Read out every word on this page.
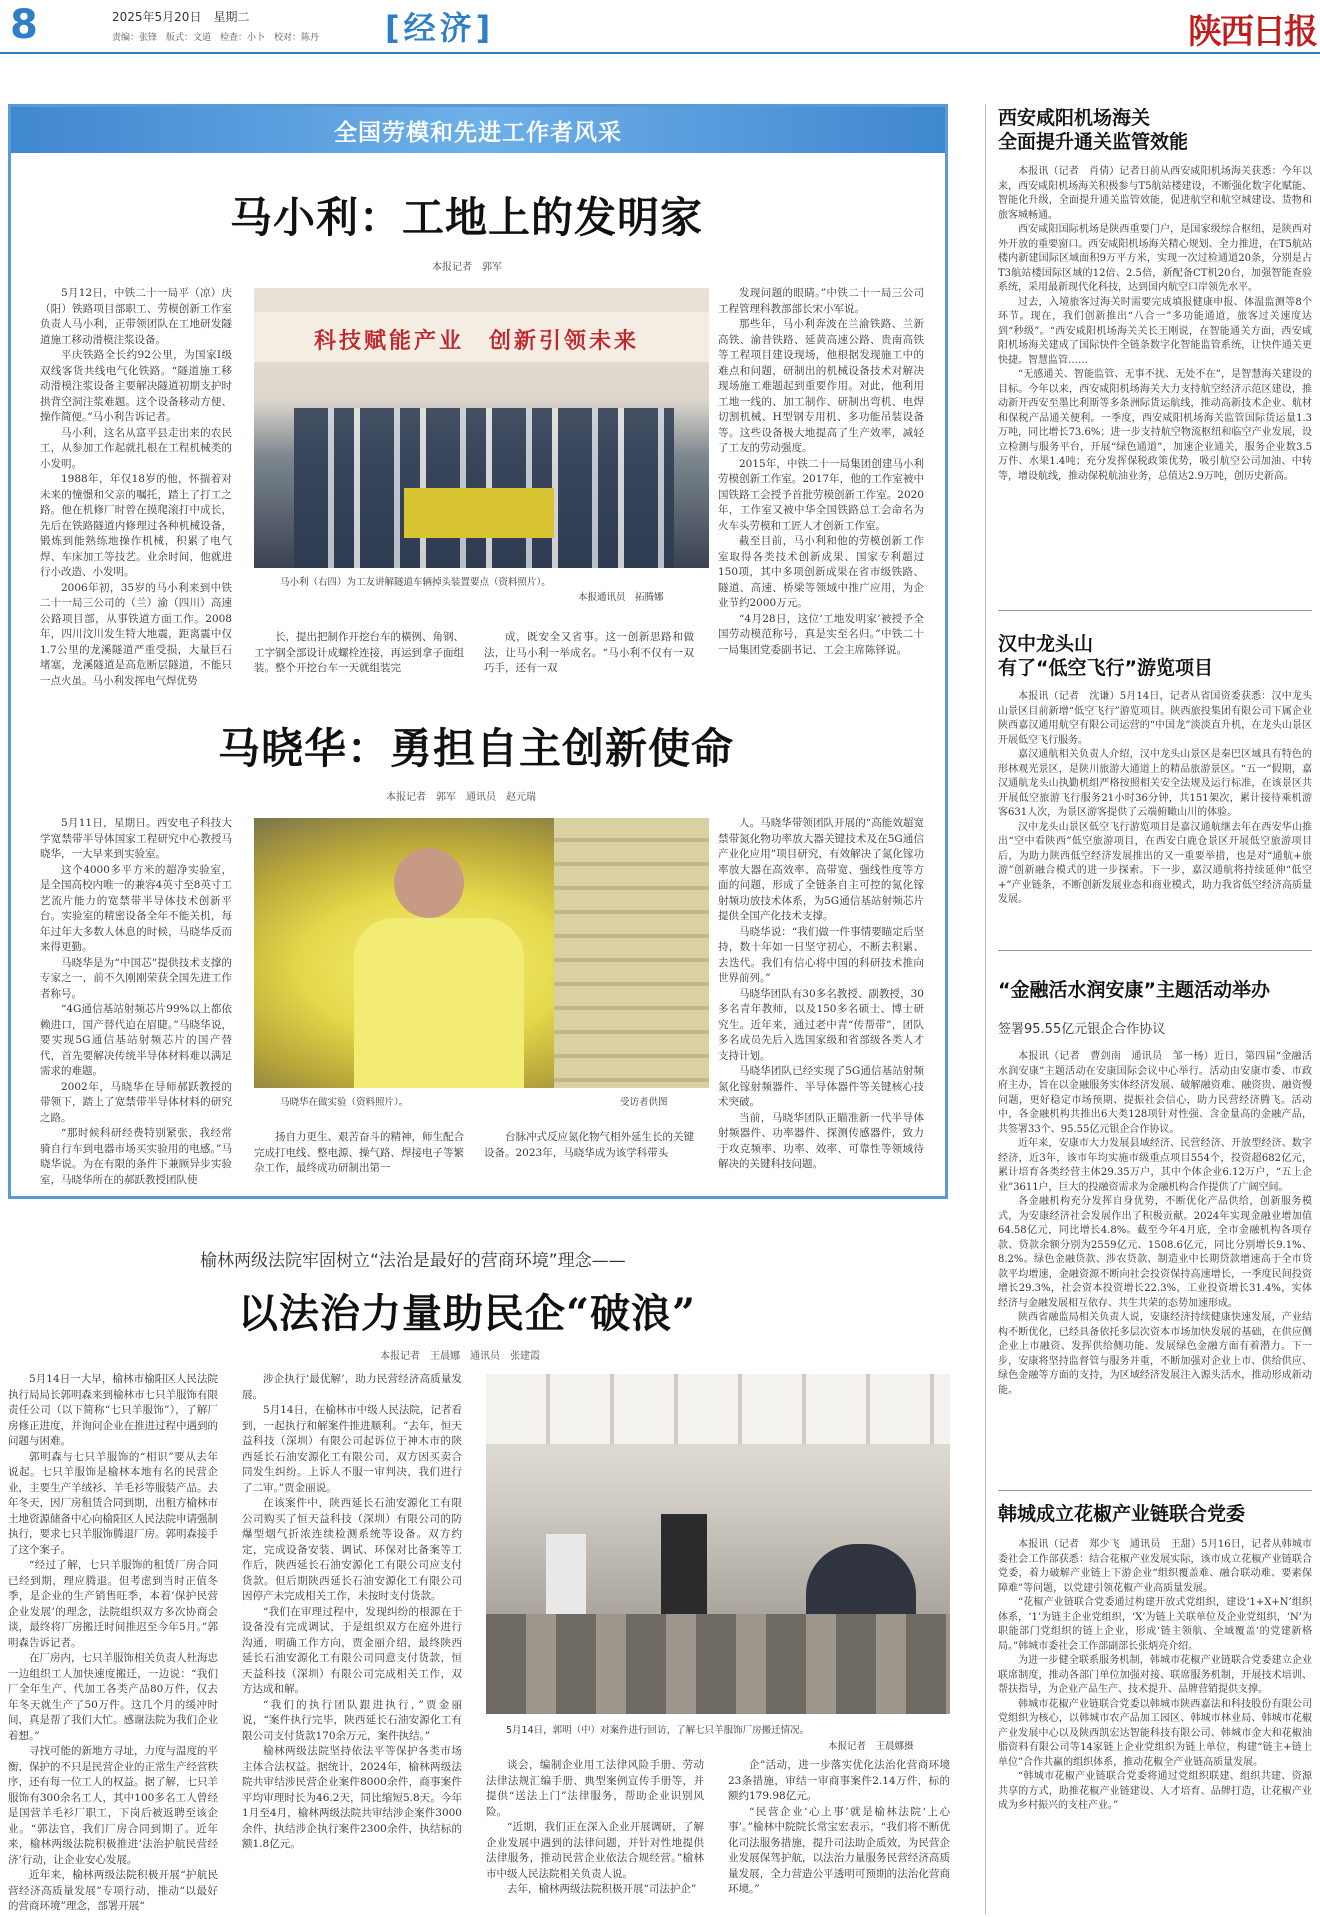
8	2025年5月20日　星期二
责编：张锋　版式：文道　检查：小卜　校对：陈丹 [经济]	陕西日报
全国劳模和先进工作者风采
马小利：工地上的发明家
本报记者　郭军

5月12日，中铁二十一局平（凉）庆（阳）铁路项目部职工、劳模创新工作室负责人马小利，正带领团队在工地研发隧道施工移动滑模注浆设备。

平庆铁路全长约92公里，为国家Ⅰ级双线客货共线电气化铁路。“隧道施工移动滑模注浆设备主要解决隧道初期支护时拱背空洞注浆难题。这个设备移动方便、操作简便。”马小利告诉记者。

马小利，这名从富平县走出来的农民工，从参加工作起就扎根在工程机械类的小发明。

1988年，年仅18岁的他，怀揣着对未来的憧憬和父亲的嘱托，踏上了打工之路。他在机修厂时曾在摸爬滚打中成长，先后在铁路隧道内修理过各种机械设备，锻炼到能熟练地操作机械，积累了电气焊、车床加工等技艺。业余时间，他就进行小改造、小发明。

2006年初，35岁的马小利来到中铁二十一局三公司的（兰）渝（四川）高速公路项目部，从事铁道方面工作。2008年，四川汶川发生特大地震，距离震中仅1.7公里的龙溪隧道严重受损，大量巨石堵塞，龙溪隧道是高危断层隧道，不能只一点火虽。马小利发挥电气焊优势

科技赋能产业　创新引领未来
马小利（右四）为工友讲解隧道车辆掉头装置要点（资料照片）。
本报通讯员　拓腾娜

长，提出把制作开挖台车的橫例、角钢、工字钢全部设计成螺栓连接，再运到拿子面组装。整个开挖台车一天就组装完

成，既安全又省事。这一创新思路和做法，让马小利一举成名。“马小利不仅有一双巧手，还有一双

发现问题的眼睛。”中铁二十一局三公司工程管理科教部部长宋小军说。

那些年，马小利奔波在兰渝铁路、兰新高铁、渝昔铁路、延黄高速公路、贵南高铁等工程项目建设现场，他根据发现施工中的难点和问题，研制出的机械设备技术对解决现场施工难题起到重要作用。对此，他利用工地一线的、加工制作、研制出弯机、电焊切割机械、H型钢专用机、多功能吊装设备等。这些设备极大地提高了生产效率，减轻了工友的劳动强度。

2015年，中铁二十一局集团创建马小利劳模创新工作室。2017年，他的工作室被中国铁路工会授予首批劳模创新工作室。2020年，工作室又被中华全国铁路总工会命名为火车头劳模和工匠人才创新工作室。

截至目前，马小利和他的劳模创新工作室取得各类技术创新成果、国家专利超过150项，其中多项创新成果在省市级铁路、隧道、高速、桥梁等领域中推广应用，为企业节约2000万元。

“4月28日，这位‘工地发明家’被授予全国劳动模范称号，真是实至名归。”中铁二十一局集团党委副书记、工会主席陈铎说。

马晓华：勇担自主创新使命
本报记者　郭军　通讯员　赵元瑞

5月11日，星期日。西安电子科技大学宽禁带半导体国家工程研究中心教授马晓华，一大早来到实验室。

这个4000多平方米的超净实验室，是全国高校内唯一的兼容4英寸至8英寸工艺流片能力的宽禁带半导体技术创新平台。实验室的精密设备全年不能关机，每年过年大多数人休息的时候，马晓华反而来得更勤。

马晓华是为“中国芯”提供技术支撑的专家之一，前不久刚刚荣获全国先进工作者称号。

“4G通信基站射频芯片99%以上都依赖进口，国产替代迫在眉睫。”马晓华说，要实现5G通信基站射频芯片的国产替代，首先要解决传统半导体材料难以满足需求的难题。

2002年，马晓华在导师郝跃教授的带领下，踏上了宽禁带半导体材料的研究之路。

“那时候科研经费特别紧张，我经常骑自行车到电器市场买实验用的电感。”马晓华说。为在有限的条件下兼顾异步实验室，马晓华所在的郝跃教授团队使

马晓华在做实验（资料照片）。	受访者供图

扬自力更生、艰苦奋斗的精神，师生配合完成打电线、整电源、操气路、焊接电子等繁杂工作，最终成功研制出第一

台脉冲式反应氮化物气相外延生长的关键设备。2023年，马晓华成为该学科带头

人。马晓华带领团队开展的“高能效超宽禁带氮化物功率放大器关键技术及在5G通信产业化应用”项目研究，有效解决了氮化镓功率放大器在高效率、高带宽、强线性度等方面的问题，形成了全链条自主可控的氮化镓射频功放技术体系，为5G通信基站射频芯片提供全国产化技术支撑。

马晓华说：“我们做一件事情要瞄定后坚持，数十年如一日坚守初心，不断去积累、去迭代。我们有信心将中国的科研技术推向世界前列。”

马晓华团队有30多名教授、副教授，30多名青年教师，以及150多名硕士、博士研究生。近年来，通过老中青“传帮带”，团队多名成员先后入选国家级和省部级各类人才支持计划。

马晓华团队已经实现了5G通信基站射频氮化镓射频器件、半导体器件等关键核心技术突破。

当前，马晓华团队正瞄准新一代半导体射频器件、功率器件、探测传感器件，致力于攻克频率、功率、效率、可靠性等领域待解决的关键科技问题。

榆林两级法院牢固树立“法治是最好的营商环境”理念——
以法治力量助民企“破浪”
本报记者　王晨娜　通讯员　张建霞

5月14日一大早，榆林市榆阳区人民法院执行局局长郭明森来到榆林市七只羊服饰有限责任公司（以下简称“七只羊服饰”），了解厂房修正进度，并询问企业在推进过程中遇到的问题与困难。

郭明森与七只羊服饰的“相识”要从去年说起。七只羊服饰是榆林本地有名的民营企业，主要生产羊绒衫、羊毛衫等服装产品。去年冬天，因厂房租赁合同到期，出租方榆林市土地资源储备中心向榆阳区人民法院申请强制执行，要求七只羊服饰腾退厂房。郭明森接手了这个案子。

“经过了解，七只羊服饰的租赁厂房合同已经到期，理应腾退。但考虑到当时正值冬季，是企业的生产销售旺季，本着‘保护民营企业发展’的理念，法院组织双方多次协商会谈，最终将厂房搬迁时间推迟至今年5月。”郭明森告诉记者。

在厂房内，七只羊服饰相关负责人杜海忠一边组织工人加快速度搬迁，一边说：“我们厂全年生产、代加工各类产品80万件，仅去年冬天就生产了50万件。这几个月的缓冲时间，真是帮了我们大忙。感谢法院为我们企业着想。”

寻找可能的新地方寻址，力度与温度的平衡，保护的不只是民营企业的正常生产经营秩序，还有每一位工人的权益。据了解，七只羊服饰有300余名工人，其中100多名工人曾经是国营羊毛衫厂职工，下岗后被返聘至该企业。“郭法官，我们厂房合同到期了。近年来，榆林两级法院积极推进‘法治护航民营经济’行动，让企业安心发展。

近年来，榆林两级法院积极开展“护航民营经济高质量发展”专项行动，推动“以最好的营商环境”理念，部署开展“

涉企执行‘最优解’，助力民营经济高质量发展。

5月14日，在榆林市中级人民法院，记者看到，一起执行和解案件推进顺利。“去年，恒天益科技（深圳）有限公司起诉位于神木市的陕西延长石油安源化工有限公司，双方因买卖合同发生纠纷。上诉人不服一审判决，我们进行了二审。”贾金丽说。

在该案件中，陕西延长石油安源化工有限公司购买了恒天益科技（深圳）有限公司的防爆型烟气折浓连续检测系统等设备。双方约定，完成设备安装、调试、环保对比备案等工作后，陕西延长石油安源化工有限公司应支付货款。但后期陕西延长石油安源化工有限公司因停产未完成相关工作，未按时支付货款。

“我们在审理过程中，发现纠纷的根源在于设备没有完成调试，于是组织双方在庭外进行沟通，明确工作方向，贾金丽介绍，最终陕西延长石油安源化工有限公司同意支付货款，恒天益科技（深圳）有限公司完成相关工作，双方达成和解。

“我们的执行团队跟进执行，”贾金丽说，“案件执行完毕，陕西延长石油安源化工有限公司支付货款170余万元，案件执结。”

榆林两级法院坚持依法平等保护各类市场主体合法权益。据统计，2024年，榆林两级法院共审结涉民营企业案件8000余件，商事案件平均审理时长为46.2天，同比缩短5.8天。今年1月至4月，榆林两级法院共审结涉企案件3000余件，执结涉企执行案件2300余件，执结标的额1.8亿元。

5月14日，郭明（中）对案件进行回访，了解七只羊服饰厂房搬迁情况。
本报记者　王晨娜摄

谈会，编制企业用工法律风险手册、劳动法律法规汇编手册、典型案例宣传手册等，并提供“送法上门”法律服务，帮助企业识别风险。

“近期，我们正在深入企业开展调研，了解企业发展中遇到的法律问题，并针对性地提供法律服务，推动民营企业依法合规经营。”榆林市中级人民法院相关负责人说。

去年，榆林两级法院积极开展“司法护企”

企”活动，进一步落实优化法治化营商环境23条措施，审结一审商事案件2.14万件，标的额约179.98亿元。

“民营企业‘心上事’就是榆林法院‘上心事’。”榆林中院院长常宝宏表示，“我们将不断优化司法服务措施，提升司法助企质效，为民营企业发展保驾护航，以法治力量服务民营经济高质量发展，全力营造公平透明可预期的法治化营商环境。”

西安咸阳机场海关
全面提升通关监管效能

本报讯（记者　肖倩）记者日前从西安咸阳机场海关获悉：今年以来，西安咸阳机场海关积极参与T5航站楼建设，不断强化数字化赋能、智能化升级，全面提升通关监管效能，促进航空和航空城建设、货物和旅客城畅通。

西安咸阳国际机场是陕西重要门户，是国家级综合枢纽，是陕西对外开放的重要窗口。西安咸阳机场海关精心规划、全力推进，在T5航站楼内新建国际区域面积9万平方米，实现一次过检通道20条，分别是占T3航站楼国际区域的12倍、2.5倍，新配备CT机20台，加强智能查验系统，采用最新现代化科技，达到国内航空口岸领先水平。

过去，入境旅客过海关时需要完成填报健康申报、体温监测等8个环节。现在，我们创新推出“八合一”多功能通道，旅客过关速度达到“秒级”。“西安咸阳机场海关关长王刚说，在智能通关方面，西安咸阳机场海关建成了国际快件全链条数字化智能监管系统，让快件通关更快捷。智慧监管……

“无感通关、智能监管、无事不扰、无处不在”，是智慧海关建设的目标。今年以来，西安咸阳机场海关大力支持航空经济示范区建设，推动新开西安至墨比利斯等多条洲际货运航线，推动高新技术企业、航材和保税产品通关便利。一季度，西安咸阳机场海关监管国际货运量1.3万吨，同比增长73.6%；进一步支持航空物流枢纽和临空产业发展，设立检测与服务平台，开展“绿色通道”，加速企业通关，服务企业数3.5万件、水果1.4吨；充分发挥保税政策优势，吸引航空公司加油、中转等，增设航线，推动保税航油业务，总值达2.9万吨，创历史新高。

汉中龙头山
有了“低空飞行”游览项目

本报讯（记者　沈谦）5月14日，记者从省国资委获悉：汉中龙头山景区目前新增“低空飞行”游览项目。陕西旅投集团有限公司下属企业陕西嘉汉通用航空有限公司运营的“中国龙”淡淡直升机，在龙头山景区开展低空飞行服务。

嘉汉通航相关负责人介绍，汉中龙头山景区是秦巴区域具有特色的形林观光景区，是陕川旅游大通道上的精品旅游景区。“五一”假期，嘉汉通航龙头山执勤机组严格按照相关安全法规及运行标准，在该景区共开展低空旅游飞行服务21小时36分钟，共151架次，累计接待乘机游客631人次，为景区游客提供了云端俯瞰山川的体验。

汉中龙头山景区低空飞行游览项目是嘉汉通航继去年在西安华山推出“空中看陕西”低空旅游项目，在西安白鹿仓景区开展低空旅游项目后，为助力陕西低空经济发展推出的又一重要举措，也是对“通航+旅游”创新融合模式的进一步探索。下一步，嘉汉通航将持续延伸“低空+”产业链条，不断创新发展业态和商业模式，助力我省低空经济高质量发展。

“金融活水润安康”主题活动举办
签署95.55亿元银企合作协议

本报讯（记者　曹剑南　通讯员　邹一杨）近日，第四届“金融活水润安康”主题活动在安康国际会议中心举行。活动由安康市委、市政府主办，旨在以金融服务实体经济发展、破解融资难、融资贵、融资慢问题，更好稳定市场预期、提振社会信心，助力民营经济腾飞。活动中，各金融机构共推出6大类128项针对性强、含金量高的金融产品，共签署33个、95.55亿元银企合作协议。

近年来，安康市大力发展县域经济、民营经济、开放型经济、数字经济，近3年，该市年均实施市级重点项目554个，投资超682亿元，累计培育各类经营主体29.35万户，其中个体企业6.12万户，“五上企业”3611户，巨大的投融资需求为金融机构合作提供了广阔空间。

各金融机构充分发挥自身优势，不断优化产品供给，创新服务模式，为安康经济社会发展作出了积极贡献。2024年实现金融业增加值64.58亿元，同比增长4.8%。截至今年4月底，全市金融机构各项存款、贷款余额分别为2559亿元、1508.6亿元，同比分别增长9.1%、8.2%。绿色金融贷款、涉农贷款、制造业中长期贷款增速高于全市贷款平均增速，金融资源不断向社会投资保持高速增长，一季度民间投资增长29.3%，社会资本投资增长22.3%，工业投资增长31.4%，实体经济与金融发展相互依存、共生共荣的态势加速形成。

陕西省融监局相关负责人说，安康经济持续健康快速发展，产业结构不断优化，已经具备依托多层次资本市场加快发展的基础，在供应侧企业上市融资、发挥供给侧功能、发展绿色金融方面有着潜力。下一步，安康将坚持监督管与服务并重，不断加强对企业上市、供给供应、绿色金融等方面的支持，为区域经济发展注入源头活水，推动形成新动能。

韩城成立花椒产业链联合党委

本报讯（记者　郑少飞　通讯员　王甜）5月16日，记者从韩城市委社会工作部获悉：结合花椒产业发展实际，该市成立花椒产业链联合党委，着力破解产业链上下游企业“组织覆盖难、融合联动难、要素保障难”等问题，以党建引领花椒产业高质量发展。

“花椒产业链联合党委通过构建开放式党组织，建设‘1+X+N’组织体系，‘1’为链主企业党组织，‘X’为链上关联单位及企业党组织，‘N’为职能部门党组织的链上企业，形成‘链主领航、全域覆盖’的党建新格局。”韩城市委社会工作部副部长张炳亮介绍。

为进一步健全联系服务机制，韩城市花椒产业链联合党委建立企业联席制度，推动各部门单位加强对接、联席服务机制，开展技术培训、帮扶指导，为企业产品生产、技术提升、品牌营销提供支撑。

韩城市花椒产业链联合党委以韩城市陕西嘉法和科技股份有限公司党组织为核心，以韩城市农产品加工园区、韩城市林业局、韩城市花椒产业发展中心以及陕西凯宏达智能科技有限公司、韩城市金大和花椒油脂资料有限公司等14家链上企业党组织为链上单位，构建“链主+链上单位”合作共赢的组织体系，推动花椒全产业链高质量发展。

“韩城市花椒产业链联合党委将通过党组织联建、组织共建、资源共享的方式，助推花椒产业链建设、人才培育、品牌打造，让花椒产业成为乡村振兴的支柱产业。”
